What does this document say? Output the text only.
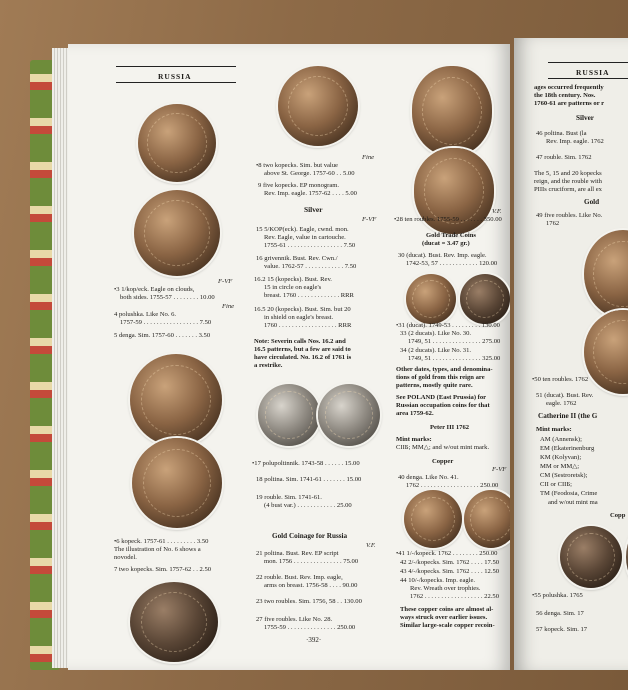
RUSSIA
F-VF
•3 1/kop/eck. Eagle on clouds,
both sides. 1755-57 . . . . . . . . 10.00
Fine
4 polushka. Like No. 6.
1757-59 . . . . . . . . . . . . . . . . . 7.50
5 denga. Sim. 1757-60 . . . . . . . 3.50
•6 kopeck. 1757-61 . . . . . . . . . 3.50
The illustration of No. 6 shows a
novodel.
7 two kopecks. Sim. 1757-62 . . 2.50
Fine
•8 two kopecks. Sim. but value
above St. George. 1757-60 . . 5.00
9 five kopecks. EP monogram.
Rev. Imp. eagle. 1757-62 . . . . 5.00
Silver
F-VF
15 5/KOP(eck). Eagle, cwnd. mon.
Rev. Eagle, value in cartouche.
1755-61 . . . . . . . . . . . . . . . . . 7.50
16 grivennik. Bust. Rev. Cwn./
value. 1762-57 . . . . . . . . . . . . 7.50
16.2 15 (kopecks). Bust. Rev.
15 in circle on eagle's
breast. 1760 . . . . . . . . . . . . . RRR
16.5 20 (kopecks). Bust. Sim. but 20
in shield on eagle's breast.
1760 . . . . . . . . . . . . . . . . . . RRR
Note: Severin calls Nos. 16.2 and
16.5 patterns, but a few are said to
have circulated. No. 16.2 of 1761 is
a restrike.
•17 polupoltinnik. 1743-58 . . . . . . 15.00
18 poltina. Sim. 1741-61 . . . . . . . 15.00
19 rouble. Sim. 1741-61.
(4 bust var.) . . . . . . . . . . . . 25.00
Gold Coinage for Russia
V.F.
21 poltina. Bust. Rev. EP script
mon. 1756 . . . . . . . . . . . . . . . 75.00
22 rouble. Bust. Rev. Imp. eagle,
arms on breast. 1756-58 . . . . 90.00
23 two roubles. Sim. 1756, 58 . . 130.00
27 five roubles. Like No. 28.
1755-59 . . . . . . . . . . . . . . . 250.00
V.F.
•28 ten roubles. 1755-59 . . . . . . . 350.00
Gold Trade Coins
(ducat = 3.47 gr.)
30 (ducat). Bust. Rev. Imp. eagle.
1742-53, 57 . . . . . . . . . . . . 120.00
•31 (ducat). 1749-53 . . . . . . . . . 130.00
33 (2 ducats). Like No. 30.
1749, 51 . . . . . . . . . . . . . . . 275.00
34 (2 ducats). Like No. 31.
1749, 51 . . . . . . . . . . . . . . . 325.00
Other dates, types, and denomina-
tions of gold from this reign are
patterns, mostly quite rare.
See POLAND (East Prussia) for
Russian occupation coins for that
area 1759-62.
Peter III 1762
Mint marks:
CIIБ; MM△; and w/out mint mark.
Copper
F-VF
40 denga. Like No. 41.
1762 . . . . . . . . . . . . . . . . . . 250.00
•41 1/-/kopeck. 1762 . . . . . . . . 250.00
42 2/-/kopecks. Sim. 1762 . . . . 17.50
43 4/-/kopecks. Sim. 1762 . . . . 12.50
44 10/-/kopecks. Imp. eagle.
Rev. Wreath over trophies.
1762 . . . . . . . . . . . . . . . . . . 22.50
These copper coins are almost al-
ways struck over earlier issues.
Similar large-scale copper recoin-
·392·
RUSSIA
ages occurred frequently
the 18th century. Nos.
1760-61 are patterns or r
Silver
46 poltina. Bust (la
Rev. Imp. eagle. 1762
47 rouble. Sim. 1762
The 5, 15 and 20 kopecks
reign, and the rouble with
PIIIs cruciform, are all ex
Gold
49 five roubles. Like No.
1762
•50 ten roubles. 1762
51 (ducat). Bust. Rev.
eagle. 1762
Catherine II (the G
Mint marks:
AM (Annensk);
EM (Ekaterinenburg
KM (Kolyvan);
MM or MM△;
CM (Sestroretsk);
CII or CIIБ;
TM (Feodosia, Crime
and w/out mint ma
Copp
•55 polushka. 1765
56 denga. Sim. 17
57 kopeck. Sim. 17
